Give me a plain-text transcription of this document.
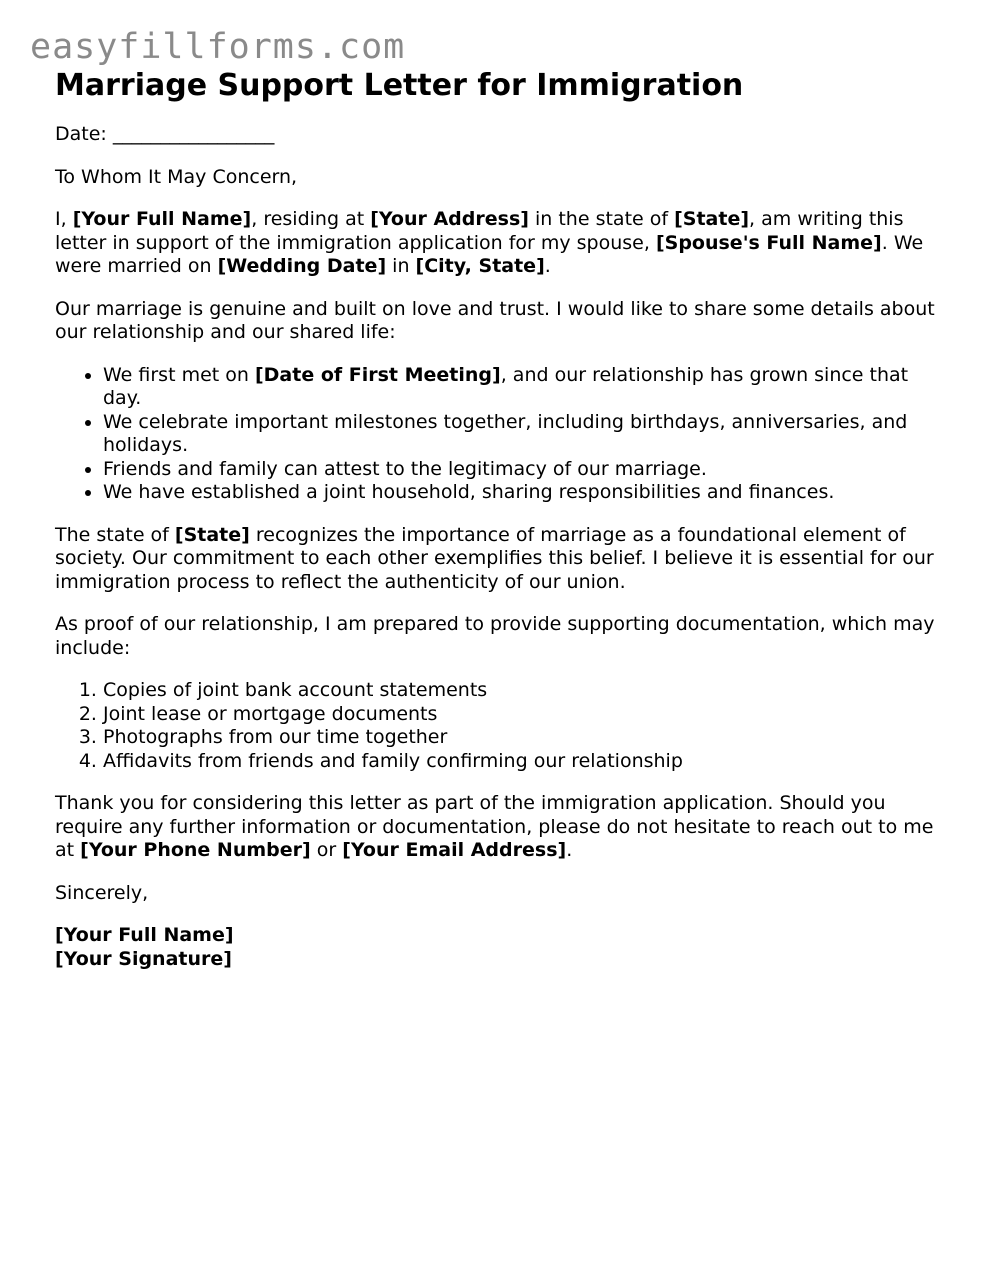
easyfillforms.com
Marriage Support Letter for Immigration

Date: _________________

To Whom It May Concern,

I, [Your Full Name], residing at [Your Address] in the state of [State], am writing this letter in support of the immigration application for my spouse, [Spouse's Full Name]. We were married on [Wedding Date] in [City, State].

Our marriage is genuine and built on love and trust. I would like to share some details about our relationship and our shared life:

• We first met on [Date of First Meeting], and our relationship has grown since that day.
• We celebrate important milestones together, including birthdays, anniversaries, and holidays.
• Friends and family can attest to the legitimacy of our marriage.
• We have established a joint household, sharing responsibilities and finances.

The state of [State] recognizes the importance of marriage as a foundational element of society. Our commitment to each other exemplifies this belief. I believe it is essential for our immigration process to reflect the authenticity of our union.

As proof of our relationship, I am prepared to provide supporting documentation, which may include:

1. Copies of joint bank account statements
2. Joint lease or mortgage documents
3. Photographs from our time together
4. Affidavits from friends and family confirming our relationship

Thank you for considering this letter as part of the immigration application. Should you require any further information or documentation, please do not hesitate to reach out to me at [Your Phone Number] or [Your Email Address].

Sincerely,

[Your Full Name]
[Your Signature]
